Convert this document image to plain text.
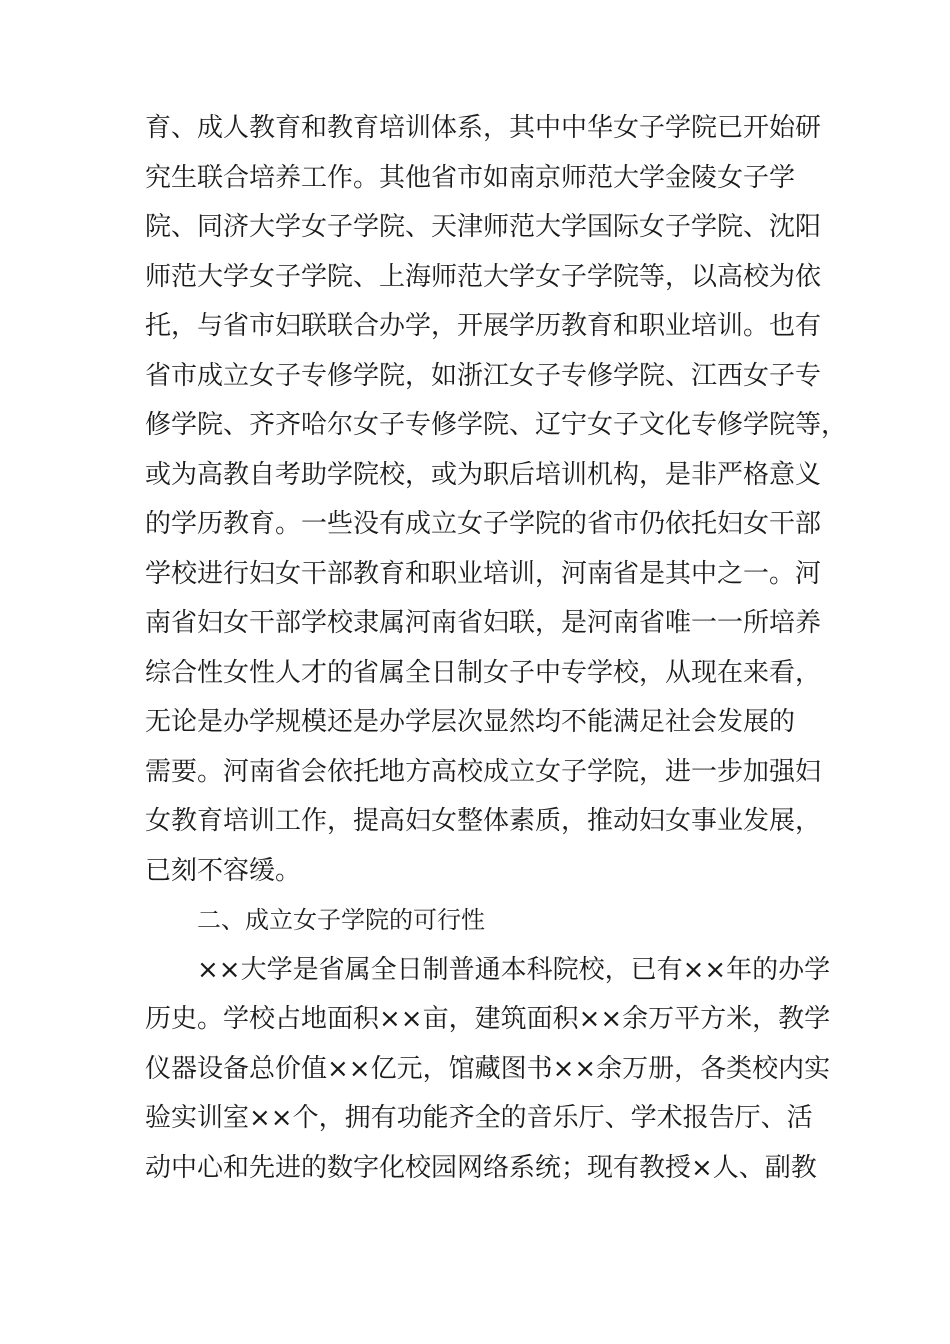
育、成人教育和教育培训体系，其中中华女子学院已开始研
究生联合培养工作。其他省市如南京师范大学金陵女子学
院、同济大学女子学院、天津师范大学国际女子学院、沈阳
师范大学女子学院、上海师范大学女子学院等，以高校为依
托，与省市妇联联合办学，开展学历教育和职业培训。也有
省市成立女子专修学院，如浙江女子专修学院、江西女子专
修学院、齐齐哈尔女子专修学院、辽宁女子文化专修学院等，
或为高教自考助学院校，或为职后培训机构，是非严格意义
的学历教育。一些没有成立女子学院的省市仍依托妇女干部
学校进行妇女干部教育和职业培训，河南省是其中之一。河
南省妇女干部学校隶属河南省妇联，是河南省唯一一所培养
综合性女性人才的省属全日制女子中专学校，从现在来看，
无论是办学规模还是办学层次显然均不能满足社会发展的
需要。河南省会依托地方高校成立女子学院，进一步加强妇
女教育培训工作，提高妇女整体素质，推动妇女事业发展，
已刻不容缓。
二、成立女子学院的可行性
××大学是省属全日制普通本科院校，已有××年的办学
历史。学校占地面积××亩，建筑面积××余万平方米，教学
仪器设备总价值××亿元，馆藏图书××余万册，各类校内实
验实训室××个，拥有功能齐全的音乐厅、学术报告厅、活
动中心和先进的数字化校园网络系统；现有教授×人、副教
